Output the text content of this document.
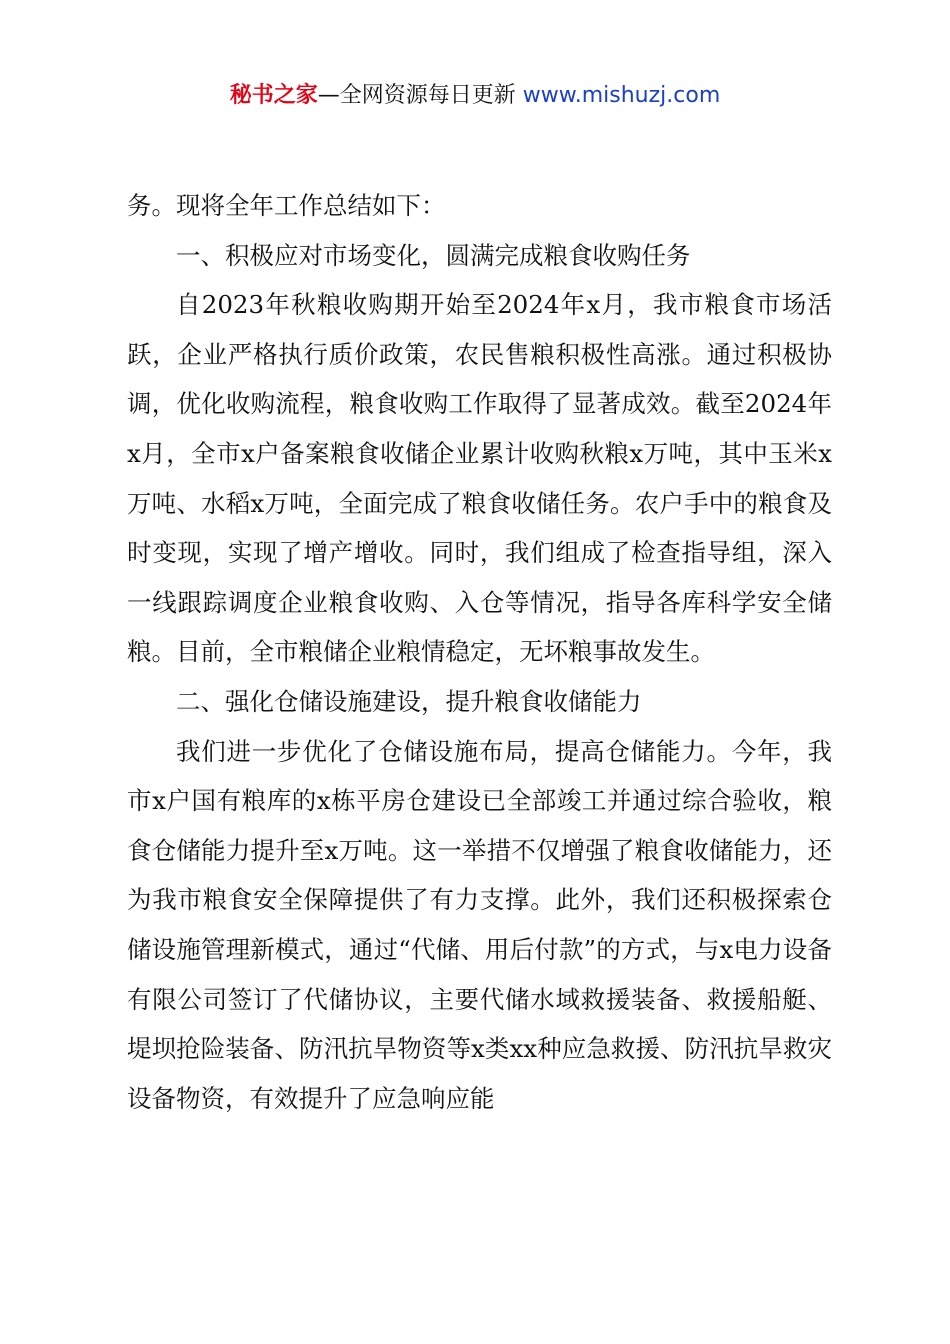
秘书之家—全网资源每日更新 www.mishuzj.com

务。现将全年工作总结如下：

一、积极应对市场变化，圆满完成粮食收购任务

自2023年秋粮收购期开始至2024年x月，我市粮食市场活跃，企业严格执行质价政策，农民售粮积极性高涨。通过积极协调，优化收购流程，粮食收购工作取得了显著成效。截至2024年x月，全市x户备案粮食收储企业累计收购秋粮x万吨，其中玉米x万吨、水稻x万吨，全面完成了粮食收储任务。农户手中的粮食及时变现，实现了增产增收。同时，我们组成了检查指导组，深入一线跟踪调度企业粮食收购、入仓等情况，指导各库科学安全储粮。目前，全市粮储企业粮情稳定，无坏粮事故发生。

二、强化仓储设施建设，提升粮食收储能力

我们进一步优化了仓储设施布局，提高仓储能力。今年，我市x户国有粮库的x栋平房仓建设已全部竣工并通过综合验收，粮食仓储能力提升至x万吨。这一举措不仅增强了粮食收储能力，还为我市粮食安全保障提供了有力支撑。此外，我们还积极探索仓储设施管理新模式，通过“代储、用后付款”的方式，与x电力设备有限公司签订了代储协议，主要代储水域救援装备、救援船艇、堤坝抢险装备、防汛抗旱物资等x类xx种应急救援、防汛抗旱救灾设备物资，有效提升了应急响应能
